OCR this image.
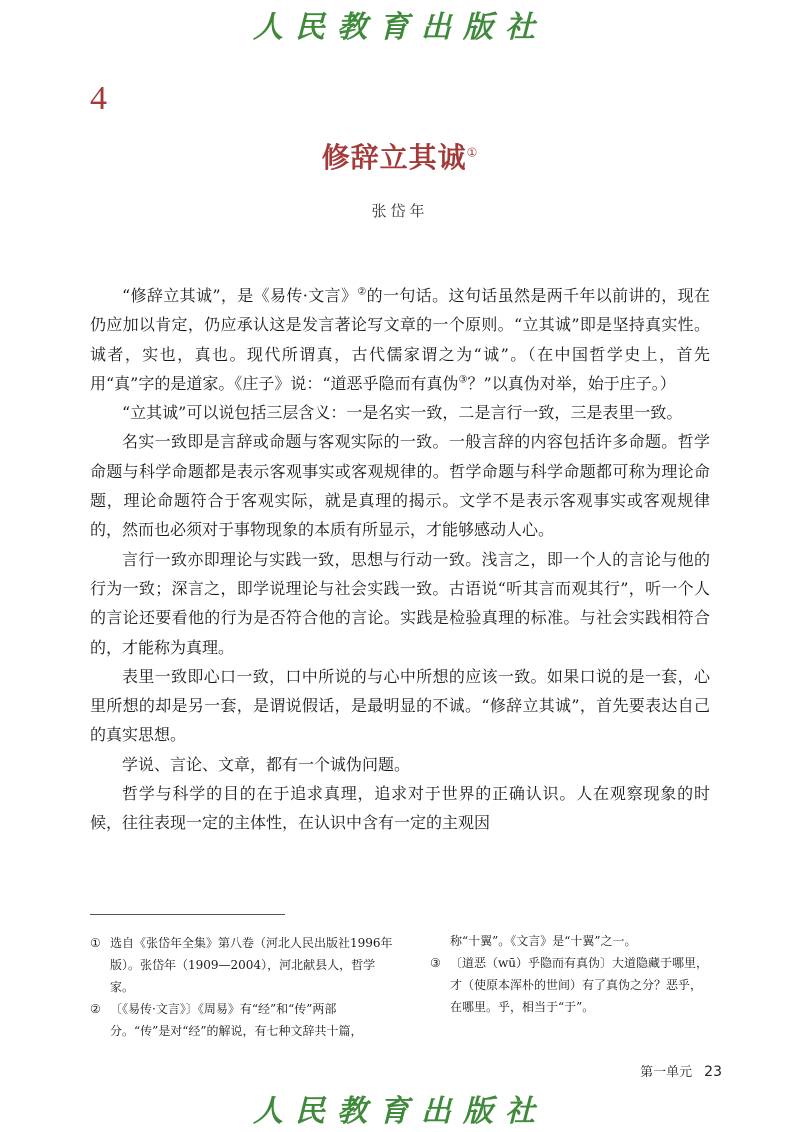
人民教育出版社
4
修辞立其诚①
张岱年

“修辞立其诚”，是《易传·文言》②的一句话。这句话虽然是两千年以前讲的，现在仍应加以肯定，仍应承认这是发言著论写文章的一个原则。“立其诚”即是坚持真实性。诚者，实也，真也。现代所谓真，古代儒家谓之为“诚”。（在中国哲学史上，首先用“真”字的是道家。《庄子》说：“道恶乎隐而有真伪③？”以真伪对举，始于庄子。）

“立其诚”可以说包括三层含义：一是名实一致，二是言行一致，三是表里一致。

名实一致即是言辞或命题与客观实际的一致。一般言辞的内容包括许多命题。哲学命题与科学命题都是表示客观事实或客观规律的。哲学命题与科学命题都可称为理论命题，理论命题符合于客观实际，就是真理的揭示。文学不是表示客观事实或客观规律的，然而也必须对于事物现象的本质有所显示，才能够感动人心。

言行一致亦即理论与实践一致，思想与行动一致。浅言之，即一个人的言论与他的行为一致；深言之，即学说理论与社会实践一致。古语说“听其言而观其行”，听一个人的言论还要看他的行为是否符合他的言论。实践是检验真理的标准。与社会实践相符合的，才能称为真理。

表里一致即心口一致，口中所说的与心中所想的应该一致。如果口说的是一套，心里所想的却是另一套，是谓说假话，是最明显的不诚。“修辞立其诚”，首先要表达自己的真实思想。

学说、言论、文章，都有一个诚伪问题。

哲学与科学的目的在于追求真理，追求对于世界的正确认识。人在观察现象的时候，往往表现一定的主体性，在认识中含有一定的主观因

① 选自《张岱年全集》第八卷（河北人民出版社1996年版）。张岱年（1909—2004），河北献县人，哲学家。
② 〔《易传·文言》〕《周易》有“经”和“传”两部分。“传”是对“经”的解说，有七种文辞共十篇，
称“十翼”。《文言》是“十翼”之一。
③ 〔道恶（wū）乎隐而有真伪〕大道隐藏于哪里，才（使原本浑朴的世间）有了真伪之分？恶乎，在哪里。乎，相当于“于”。
第一单元 23
人民教育出版社
